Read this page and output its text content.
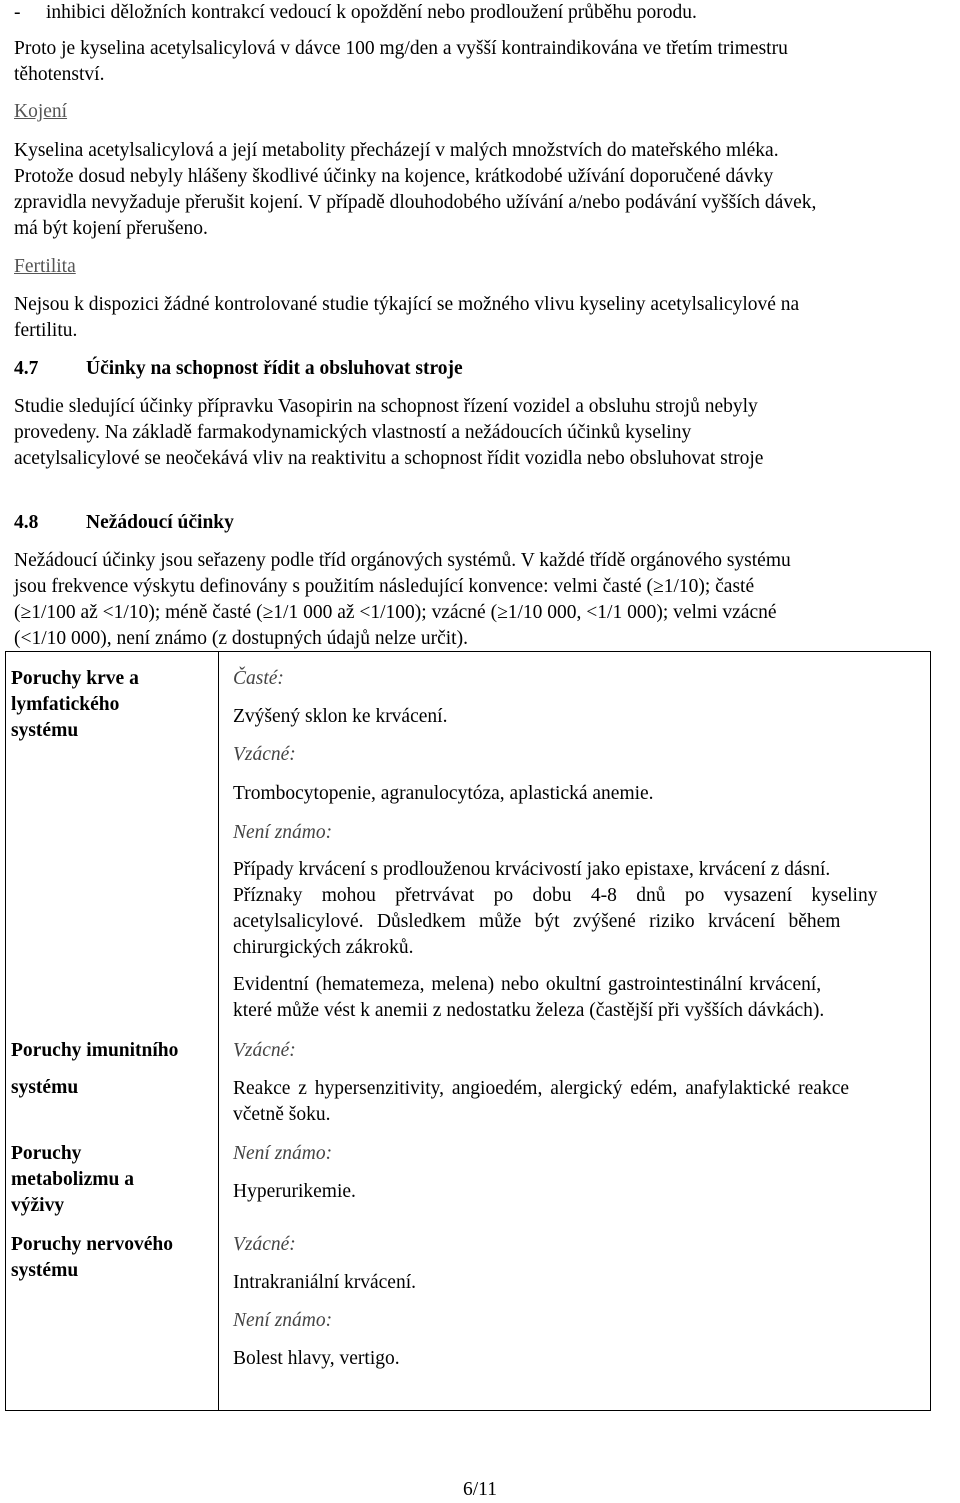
- inhibici děložních kontrakcí vedoucí k opoždění nebo prodloužení průběhu porodu.
Proto je kyselina acetylsalicylová v dávce 100 mg/den a vyšší kontraindikována ve třetím trimestru
těhotenství.
Kojení
Kyselina acetylsalicylová a její metabolity přecházejí v malých množstvích do mateřského mléka.
Protože dosud nebyly hlášeny škodlivé účinky na kojence, krátkodobé užívání doporučené dávky
zpravidla nevyžaduje přerušit kojení. V případě dlouhodobého užívání a/nebo podávání vyšších dávek,
má být kojení přerušeno.
Fertilita
Nejsou k dispozici žádné kontrolované studie týkající se možného vlivu kyseliny acetylsalicylové na
fertilitu.
4.7 Účinky na schopnost řídit a obsluhovat stroje
Studie sledující účinky přípravku Vasopirin na schopnost řízení vozidel a obsluhu strojů nebyly
provedeny. Na základě farmakodynamických vlastností a nežádoucích účinků kyseliny
acetylsalicylové se neočekává vliv na reaktivitu a schopnost řídit vozidla nebo obsluhovat stroje
4.8 Nežádoucí účinky
Nežádoucí účinky jsou seřazeny podle tříd orgánových systémů. V každé třídě orgánového systému
jsou frekvence výskytu definovány s použitím následující konvence: velmi časté (≥1/10); časté
(≥1/100 až <1/10); méně časté (≥1/1 000 až <1/100); vzácné (≥1/10 000, <1/1 000); velmi vzácné
(<1/10 000), není známo (z dostupných údajů nelze určit).
Poruchy krve a
lymfatického
systému
Časté:
Zvýšený sklon ke krvácení.
Vzácné:
Trombocytopenie, agranulocytóza, aplastická anemie.
Není známo:
Případy krvácení s prodlouženou krvácivostí jako epistaxe, krvácení z dásní.
Příznaky mohou přetrvávat po dobu 4-8 dnů po vysazení kyseliny
acetylsalicylové. Důsledkem může být zvýšené riziko krvácení během
chirurgických zákroků.
Evidentní (hematemeza, melena) nebo okultní gastrointestinální krvácení,
které může vést k anemii z nedostatku železa (častější při vyšších dávkách).
Poruchy imunitního
systému
Vzácné:
Reakce z hypersenzitivity, angioedém, alergický edém, anafylaktické reakce
včetně šoku.
Poruchy
metabolizmu a
výživy
Není známo:
Hyperurikemie.
Poruchy nervového
systému
Vzácné:
Intrakraniální krvácení.
Není známo:
Bolest hlavy, vertigo.
6/11
